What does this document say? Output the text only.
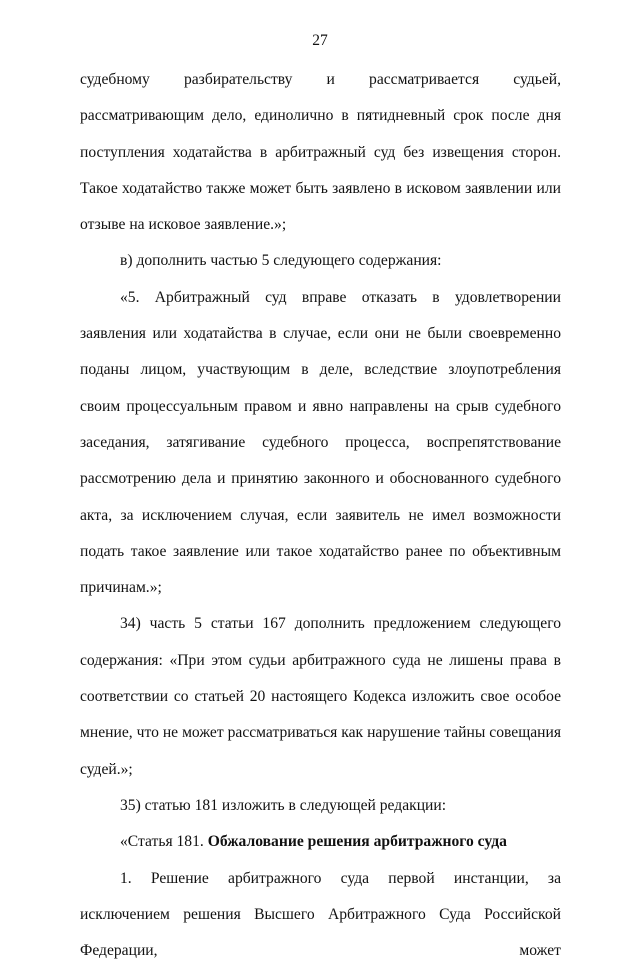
27

судебному разбирательству и рассматривается судьей, рассматривающим дело, единолично в пятидневный срок после дня поступления ходатайства в арбитражный суд без извещения сторон. Такое ходатайство также может быть заявлено в исковом заявлении или отзыве на исковое заявление.»;

в) дополнить частью 5 следующего содержания:

«5. Арбитражный суд вправе отказать в удовлетворении заявления или ходатайства в случае, если они не были своевременно поданы лицом, участвующим в деле, вследствие злоупотребления своим процессуальным правом и явно направлены на срыв судебного заседания, затягивание судебного процесса, воспрепятствование рассмотрению дела и принятию законного и обоснованного судебного акта, за исключением случая, если заявитель не имел возможности подать такое заявление или такое ходатайство ранее по объективным причинам.»;

34) часть 5 статьи 167 дополнить предложением следующего содержания: «При этом судьи арбитражного суда не лишены права в соответствии со статьей 20 настоящего Кодекса изложить свое особое мнение, что не может рассматриваться как нарушение тайны совещания судей.»;

35) статью 181 изложить в следующей редакции:

«Статья 181. Обжалование решения арбитражного суда

1. Решение арбитражного суда первой инстанции, за исключением решения Высшего Арбитражного Суда Российской Федерации, может
